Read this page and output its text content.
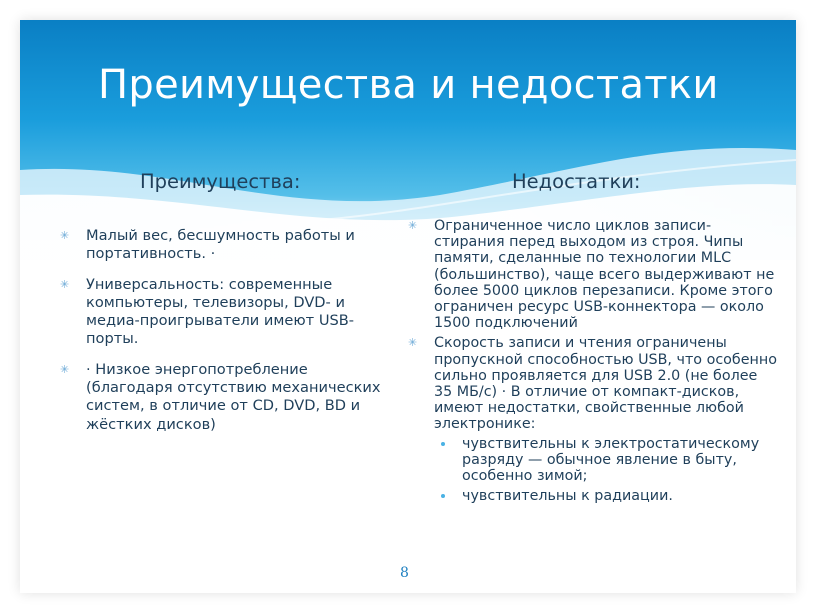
Преимущества и недостатки
Преимущества:	Недостатки:
✳ Малый вес, бесшумность работы и портативность. ·
✳ Универсальность: современные компьютеры, телевизоры, DVD- и медиа-проигрыватели имеют USB-порты.
✳ · Низкое энергопотребление (благодаря отсутствию механических систем, в отличие от CD, DVD, BD и жёстких дисков)
✳ Ограниченное число циклов записи-стирания перед выходом из строя. Чипы памяти, сделанные по технологии MLC (большинство), чаще всего выдерживают не более 5000 циклов перезаписи. Кроме этого ограничен ресурс USB-коннектора — около 1500 подключений
✳ Скорость записи и чтения ограничены пропускной способностью USB, что особенно сильно проявляется для USB 2.0 (не более 35 МБ/с) · В отличие от компакт-дисков, имеют недостатки, свойственные любой электронике:
чувствительны к электростатическому разряду — обычное явление в быту, особенно зимой;
чувствительны к радиации.

8
